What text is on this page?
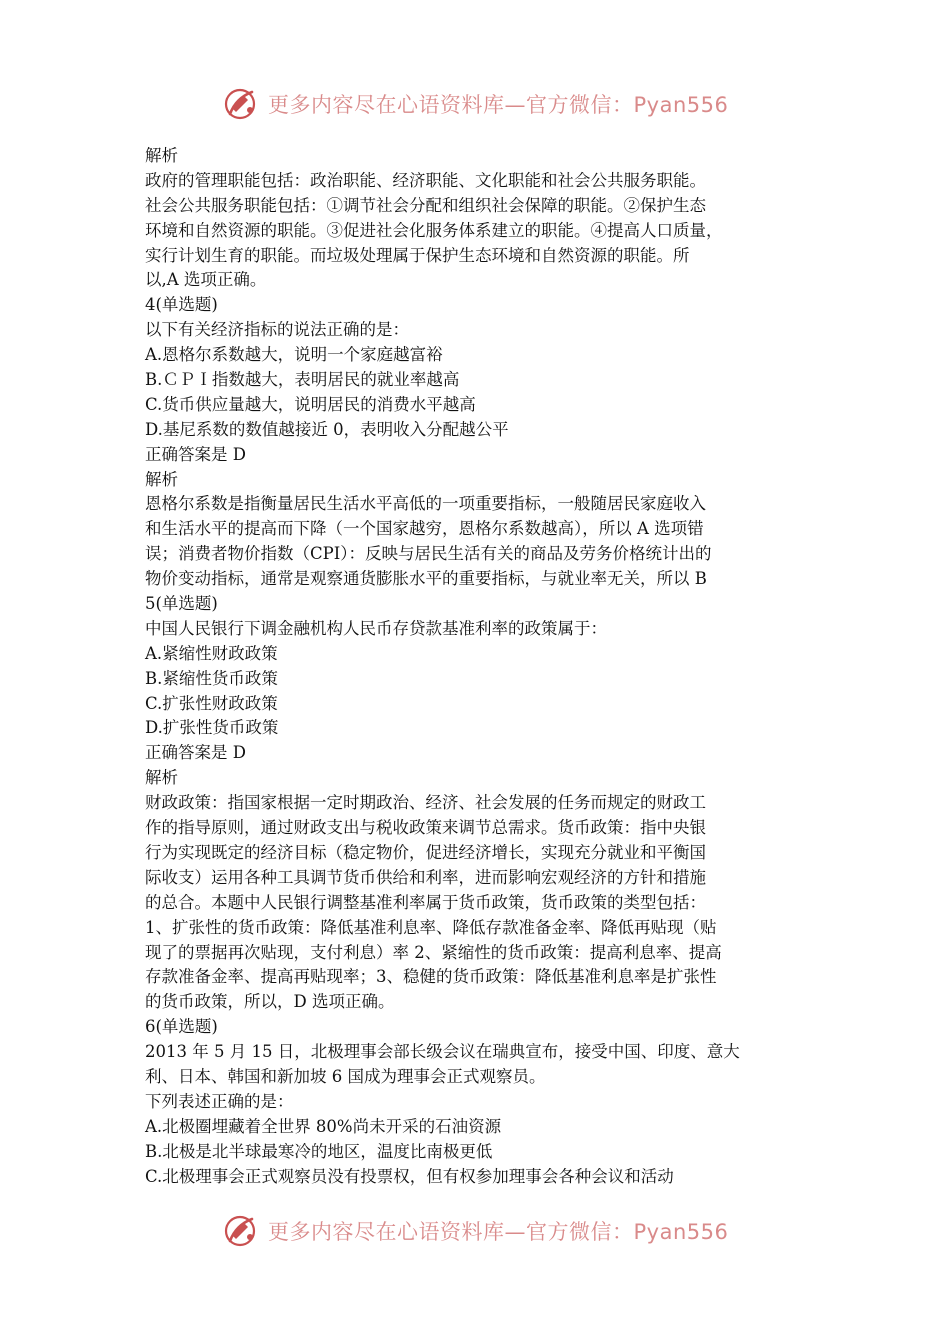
更多内容尽在心语资料库—官方微信：Pyan556
解析
政府的管理职能包括：政治职能、经济职能、文化职能和社会公共服务职能。
社会公共服务职能包括：①调节社会分配和组织社会保障的职能。②保护生态
环境和自然资源的职能。③促进社会化服务体系建立的职能。④提高人口质量，
实行计划生育的职能。而垃圾处理属于保护生态环境和自然资源的职能。所
以,A 选项正确。
4(单选题)
以下有关经济指标的说法正确的是：
A.恩格尔系数越大，说明一个家庭越富裕
B.ＣＰＩ指数越大，表明居民的就业率越高
C.货币供应量越大，说明居民的消费水平越高
D.基尼系数的数值越接近 0，表明收入分配越公平
正确答案是 D
解析
恩格尔系数是指衡量居民生活水平高低的一项重要指标，一般随居民家庭收入
和生活水平的提高而下降（一个国家越穷，恩格尔系数越高），所以 A 选项错
误；消费者物价指数（CPI）：反映与居民生活有关的商品及劳务价格统计出的
物价变动指标，通常是观察通货膨胀水平的重要指标，与就业率无关，所以 B
5(单选题)
中国人民银行下调金融机构人民币存贷款基准利率的政策属于：
A.紧缩性财政政策
B.紧缩性货币政策
C.扩张性财政政策
D.扩张性货币政策
正确答案是 D
解析
财政政策：指国家根据一定时期政治、经济、社会发展的任务而规定的财政工
作的指导原则，通过财政支出与税收政策来调节总需求。货币政策：指中央银
行为实现既定的经济目标（稳定物价，促进经济增长，实现充分就业和平衡国
际收支）运用各种工具调节货币供给和利率，进而影响宏观经济的方针和措施
的总合。本题中人民银行调整基准利率属于货币政策，货币政策的类型包括：
1、扩张性的货币政策：降低基准利息率、降低存款准备金率、降低再贴现（贴
现了的票据再次贴现，支付利息）率 2、紧缩性的货币政策：提高利息率、提高
存款准备金率、提高再贴现率；3、稳健的货币政策：降低基准利息率是扩张性
的货币政策，所以，D 选项正确。
6(单选题)
2013 年 5 月 15 日，北极理事会部长级会议在瑞典宣布，接受中国、印度、意大
利、日本、韩国和新加坡 6 国成为理事会正式观察员。
下列表述正确的是：
A.北极圈埋藏着全世界 80%尚未开采的石油资源
B.北极是北半球最寒冷的地区，温度比南极更低
C.北极理事会正式观察员没有投票权，但有权参加理事会各种会议和活动
更多内容尽在心语资料库—官方微信：Pyan556
